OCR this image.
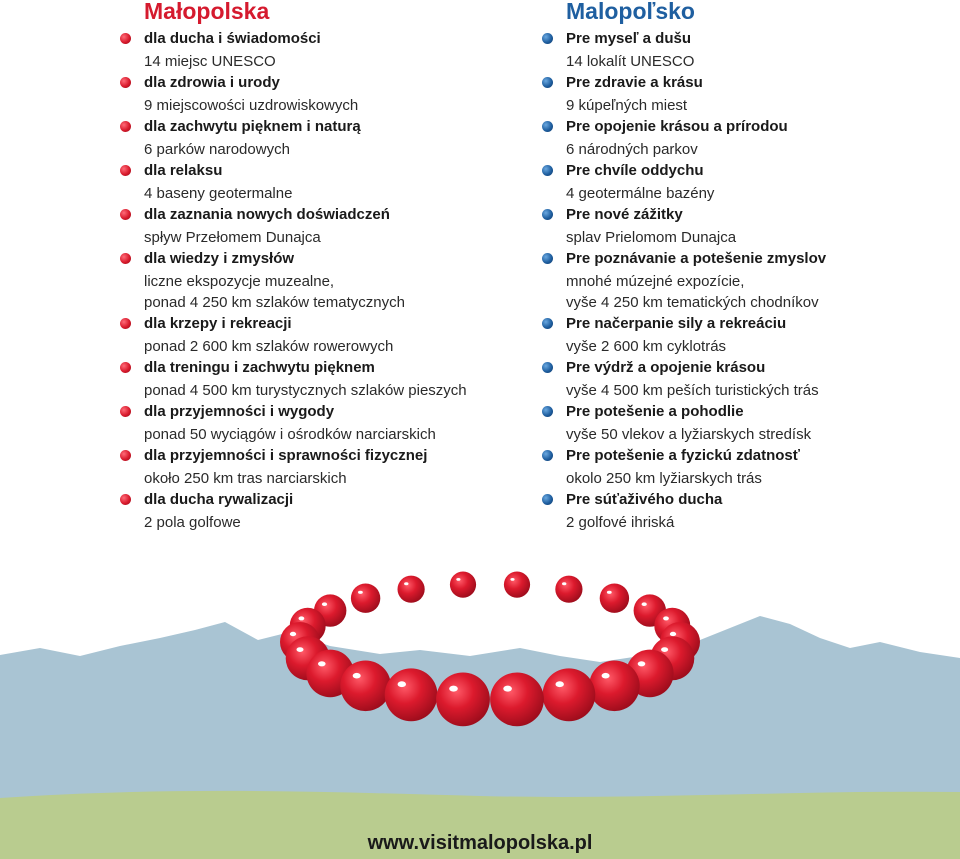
Małopolska
dla ducha i świadomości
14 miejsc UNESCO
dla zdrowia i urody
9 miejscowości uzdrowiskowych
dla zachwytu pięknem i naturą
6 parków narodowych
dla relaksu
4 baseny geotermalne
dla zaznania nowych doświadczeń
spływ Przełomem Dunajca
dla wiedzy i zmysłów
liczne ekspozycje muzealne,
ponad 4 250 km szlaków tematycznych
dla krzepy i rekreacji
ponad 2 600 km szlaków rowerowych
dla treningu i zachwytu pięknem
ponad 4 500 km turystycznych szlaków pieszych
dla przyjemności i wygody
ponad 50 wyciągów i ośrodków narciarskich
dla przyjemności i sprawności fizycznej
około 250 km tras narciarskich
dla ducha rywalizacji
2 pola golfowe
Malopoľsko
Pre myseľ a dušu
14 lokalít UNESCO
Pre zdravie a krásu
9 kúpeľných miest
Pre opojenie krásou a prírodou
6 národných parkov
Pre chvíle oddychu
4 geotermálne bazény
Pre nové zážitky
splav Prielomom Dunajca
Pre poznávanie a potešenie zmyslov
mnohé múzejné expozície,
vyše 4 250 km tematických chodníkov
Pre načerpanie sily a rekreáciu
vyše 2 600 km cyklotrás
Pre výdrž a opojenie krásou
vyše 4 500 km peších turistických trás
Pre potešenie a pohodlie
vyše 50 vlekov a lyžiarskych stredísk
Pre potešenie a fyzickú zdatnosť
okolo 250 km lyžiarskych trás
Pre súťaživého ducha
2 golfové ihriská
www.visitmalopolska.pl
